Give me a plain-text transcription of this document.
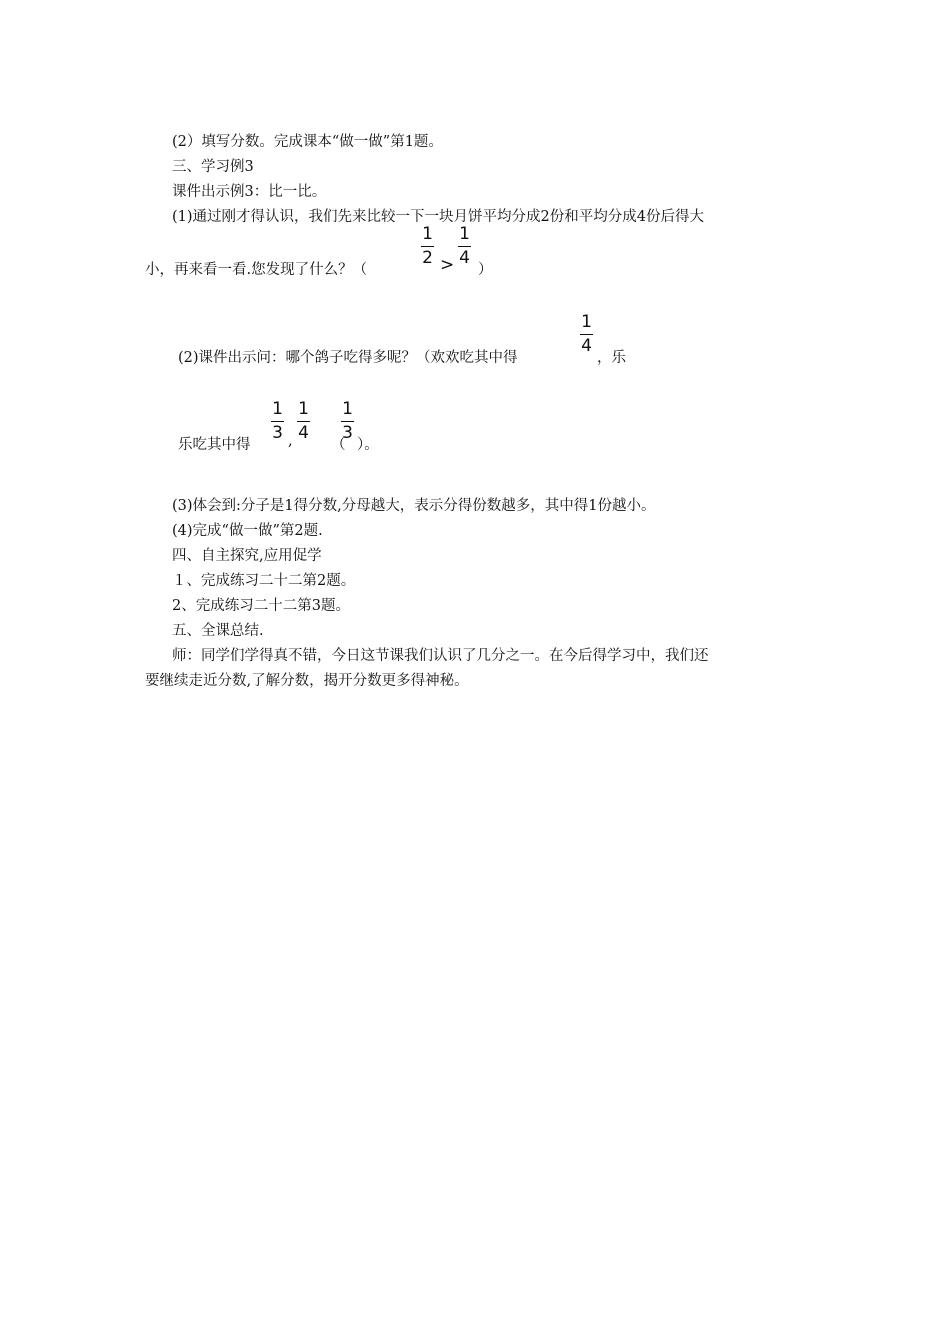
(2）填写分数。完成课本“做一做”第1题。
三、学习例3
课件出示例3：比一比。
(1)通过刚才得认识，我们先来比较一下一块月饼平均分成2份和平均分成4份后得大
小，再来看一看.您发现了什么？（
1
2 >
1
4
）
(2)课件出示问：哪个鸽子吃得多呢？（欢欢吃其中得
1
4
，乐
乐吃其中得
1
3 ,
1
4
（
1
3
）。
(3)体会到:分子是1得分数,分母越大，表示分得份数越多，其中得1份越小。
(4)完成“做一做”第2题.
四、自主探究,应用促学
１、完成练习二十二第2题。
2、完成练习二十二第3题。
五、全课总结.
师：同学们学得真不错，今日这节课我们认识了几分之一。在今后得学习中，我们还
要继续走近分数,了解分数，揭开分数更多得神秘。
